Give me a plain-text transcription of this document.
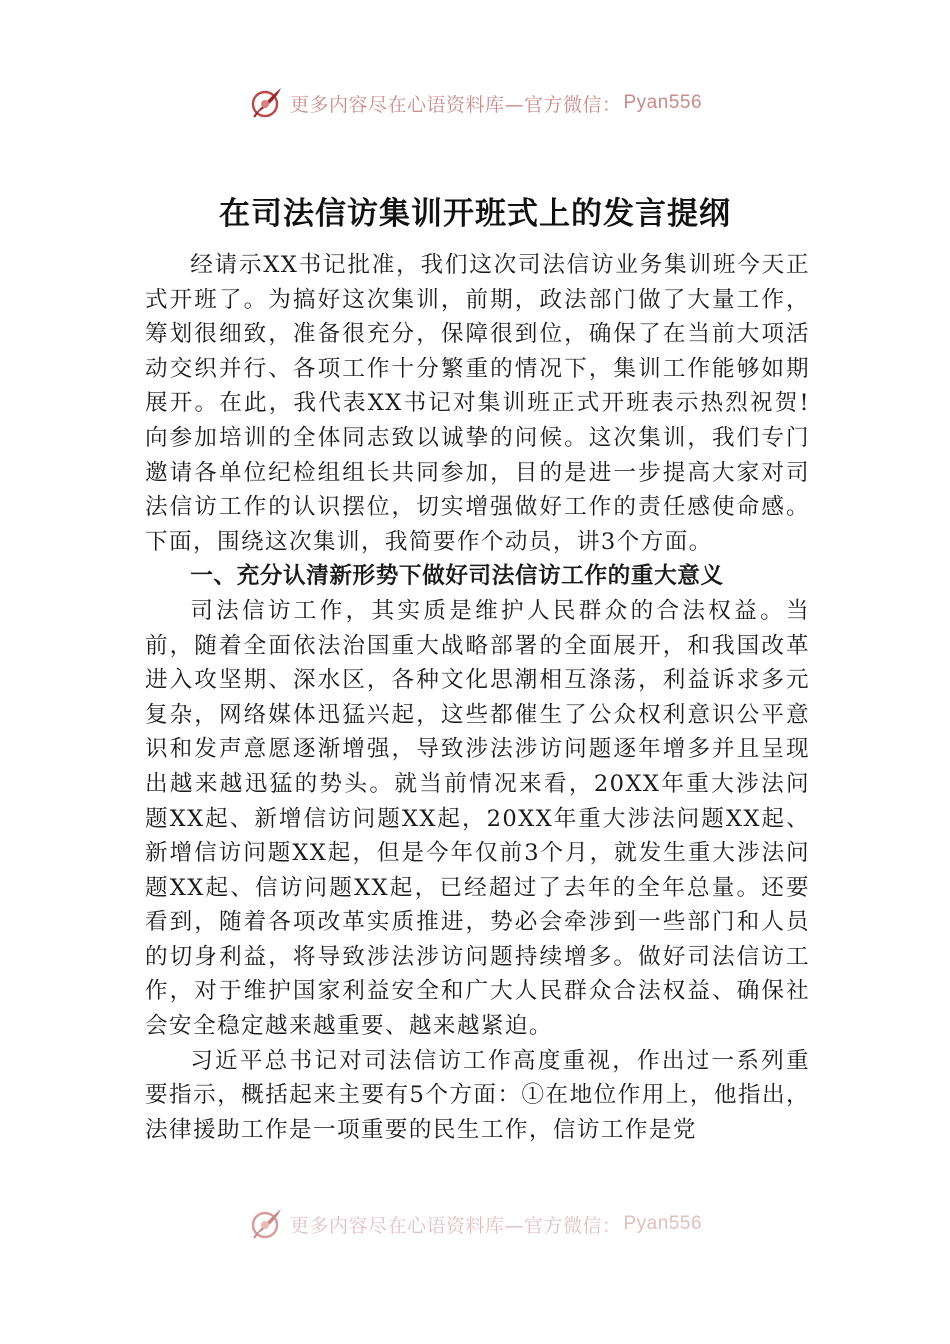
更多内容尽在心语资料库—官方微信： Pyan556
在司法信访集训开班式上的发言提纲

经请示XX书记批准，我们这次司法信访业务集训班今天正式开班了。为搞好这次集训，前期，政法部门做了大量工作，筹划很细致，准备很充分，保障很到位，确保了在当前大项活动交织并行、各项工作十分繁重的情况下，集训工作能够如期展开。在此，我代表XX书记对集训班正式开班表示热烈祝贺!向参加培训的全体同志致以诚挚的问候。这次集训，我们专门邀请各单位纪检组组长共同参加，目的是进一步提高大家对司法信访工作的认识摆位，切实增强做好工作的责任感使命感。下面，围绕这次集训，我简要作个动员，讲3个方面。

一、充分认清新形势下做好司法信访工作的重大意义

司法信访工作，其实质是维护人民群众的合法权益。当前，随着全面依法治国重大战略部署的全面展开，和我国改革进入攻坚期、深水区，各种文化思潮相互涤荡，利益诉求多元复杂，网络媒体迅猛兴起，这些都催生了公众权利意识公平意识和发声意愿逐渐增强，导致涉法涉访问题逐年增多并且呈现出越来越迅猛的势头。就当前情况来看，20XX年重大涉法问题XX起、新增信访问题XX起，20XX年重大涉法问题XX起、新增信访问题XX起，但是今年仅前3个月，就发生重大涉法问题XX起、信访问题XX起，已经超过了去年的全年总量。还要看到，随着各项改革实质推进，势必会牵涉到一些部门和人员的切身利益，将导致涉法涉访问题持续增多。做好司法信访工作，对于维护国家利益安全和广大人民群众合法权益、确保社会安全稳定越来越重要、越来越紧迫。

习近平总书记对司法信访工作高度重视，作出过一系列重要指示，概括起来主要有5个方面：①在地位作用上，他指出，法律援助工作是一项重要的民生工作，信访工作是党

更多内容尽在心语资料库—官方微信： Pyan556
